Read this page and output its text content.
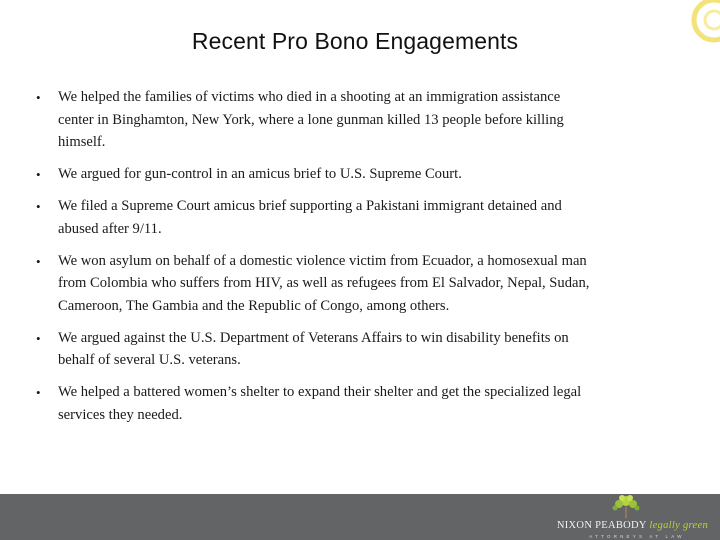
Recent Pro Bono Engagements
• We helped the families of victims who died in a shooting at an immigration assistance center in Binghamton, New York, where a lone gunman killed 13 people before killing himself.
• We argued for gun-control in an amicus brief to U.S. Supreme Court.
• We filed a Supreme Court amicus brief supporting a Pakistani immigrant detained and abused after 9/11.
• We won asylum on behalf of a domestic violence victim from Ecuador, a homosexual man from Colombia who suffers from HIV, as well as refugees from El Salvador, Nepal, Sudan, Cameroon, The Gambia and the Republic of Congo, among others.
• We argued against the U.S. Department of Veterans Affairs to win disability benefits on behalf of several U.S. veterans.
• We helped a battered women’s shelter to expand their shelter and get the specialized legal services they needed.
NIXON PEABODY legally green
ATTORNEYS AT LAW
